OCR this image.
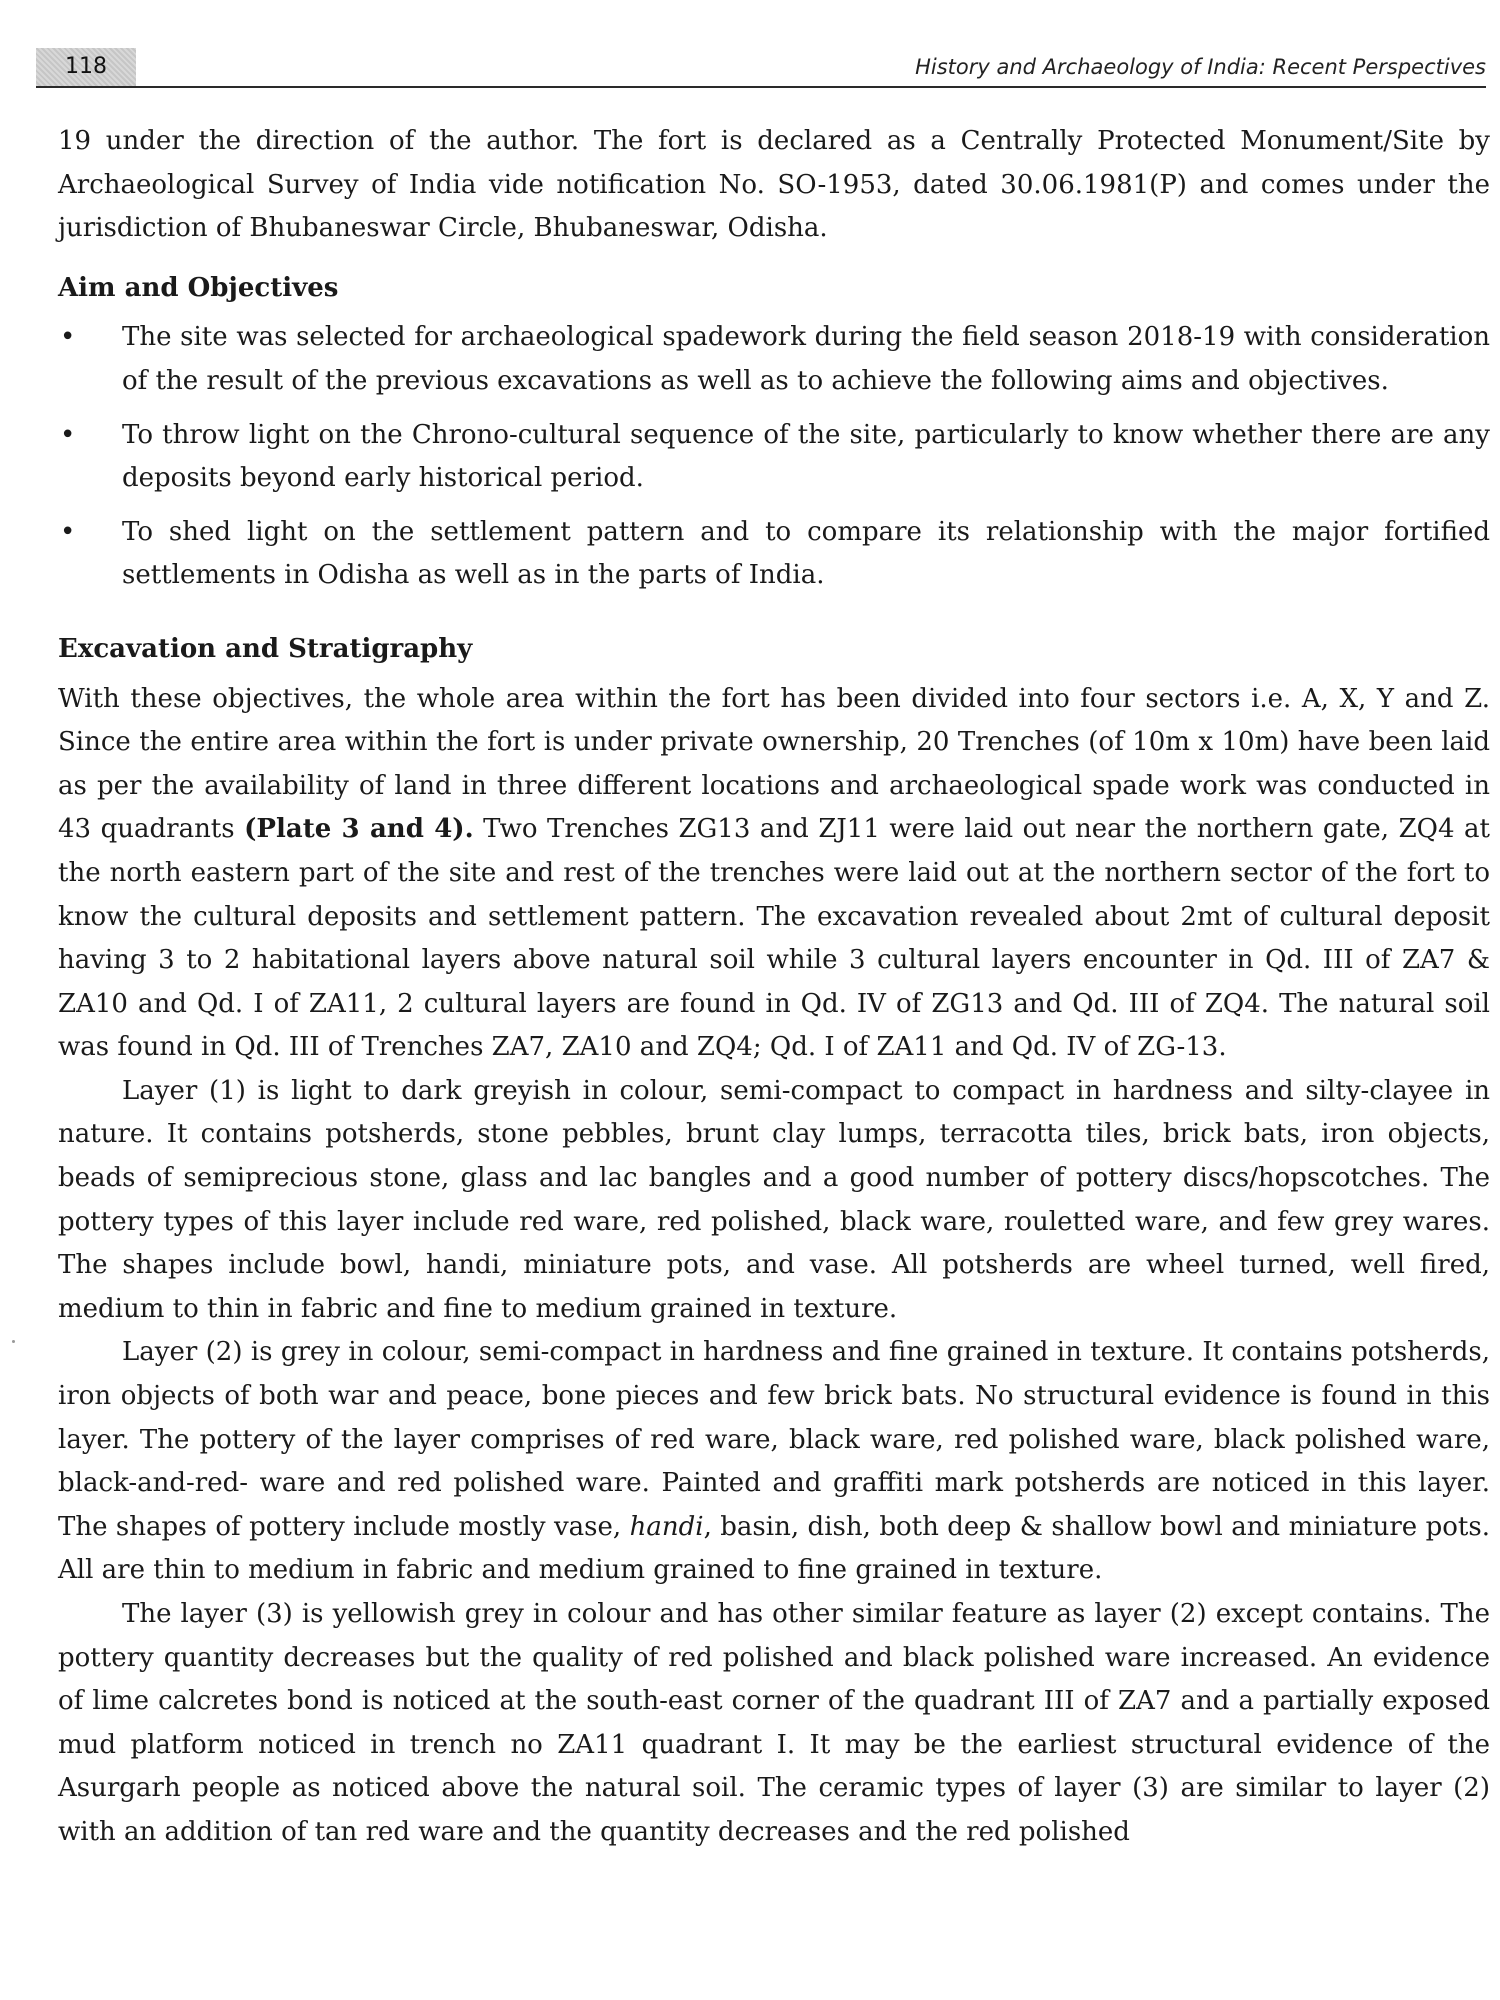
118	History and Archaeology of India: Recent Perspectives

19 under the direction of the author. The fort is declared as a Centrally Protected Monument/Site by Archaeological Survey of India vide notification No. SO-1953, dated 30.06.1981(P) and comes under the jurisdiction of Bhubaneswar Circle, Bhubaneswar, Odisha.

Aim and Objectives

• The site was selected for archaeological spadework during the field season 2018-19 with consideration of the result of the previous excavations as well as to achieve the following aims and objectives.
• To throw light on the Chrono-cultural sequence of the site, particularly to know whether there are any deposits beyond early historical period.
• To shed light on the settlement pattern and to compare its relationship with the major fortified settlements in Odisha as well as in the parts of India.

Excavation and Stratigraphy

With these objectives, the whole area within the fort has been divided into four sectors i.e. A, X, Y and Z. Since the entire area within the fort is under private ownership, 20 Trenches (of 10m x 10m) have been laid as per the availability of land in three different locations and archaeological spade work was conducted in 43 quadrants (Plate 3 and 4). Two Trenches ZG13 and ZJ11 were laid out near the northern gate, ZQ4 at the north eastern part of the site and rest of the trenches were laid out at the northern sector of the fort to know the cultural deposits and settlement pattern. The excavation revealed about 2mt of cultural deposit having 3 to 2 habitational layers above natural soil while 3 cultural layers encounter in Qd. III of ZA7 & ZA10 and Qd. I of ZA11, 2 cultural layers are found in Qd. IV of ZG13 and Qd. III of ZQ4. The natural soil was found in Qd. III of Trenches ZA7, ZA10 and ZQ4; Qd. I of ZA11 and Qd. IV of ZG-13.

Layer (1) is light to dark greyish in colour, semi-compact to compact in hardness and silty-clayee in nature. It contains potsherds, stone pebbles, brunt clay lumps, terracotta tiles, brick bats, iron objects, beads of semiprecious stone, glass and lac bangles and a good number of pottery discs/hopscotches. The pottery types of this layer include red ware, red polished, black ware, rouletted ware, and few grey wares. The shapes include bowl, handi, miniature pots, and vase. All potsherds are wheel turned, well fired, medium to thin in fabric and fine to medium grained in texture.

Layer (2) is grey in colour, semi-compact in hardness and fine grained in texture. It contains potsherds, iron objects of both war and peace, bone pieces and few brick bats. No structural evidence is found in this layer. The pottery of the layer comprises of red ware, black ware, red polished ware, black polished ware, black-and-red- ware and red polished ware. Painted and graffiti mark potsherds are noticed in this layer. The shapes of pottery include mostly vase, handi, basin, dish, both deep & shallow bowl and miniature pots. All are thin to medium in fabric and medium grained to fine grained in texture.

The layer (3) is yellowish grey in colour and has other similar feature as layer (2) except contains. The pottery quantity decreases but the quality of red polished and black polished ware increased. An evidence of lime calcretes bond is noticed at the south-east corner of the quadrant III of ZA7 and a partially exposed mud platform noticed in trench no ZA11 quadrant I. It may be the earliest structural evidence of the Asurgarh people as noticed above the natural soil. The ceramic types of layer (3) are similar to layer (2) with an addition of tan red ware and the quantity decreases and the red polished
